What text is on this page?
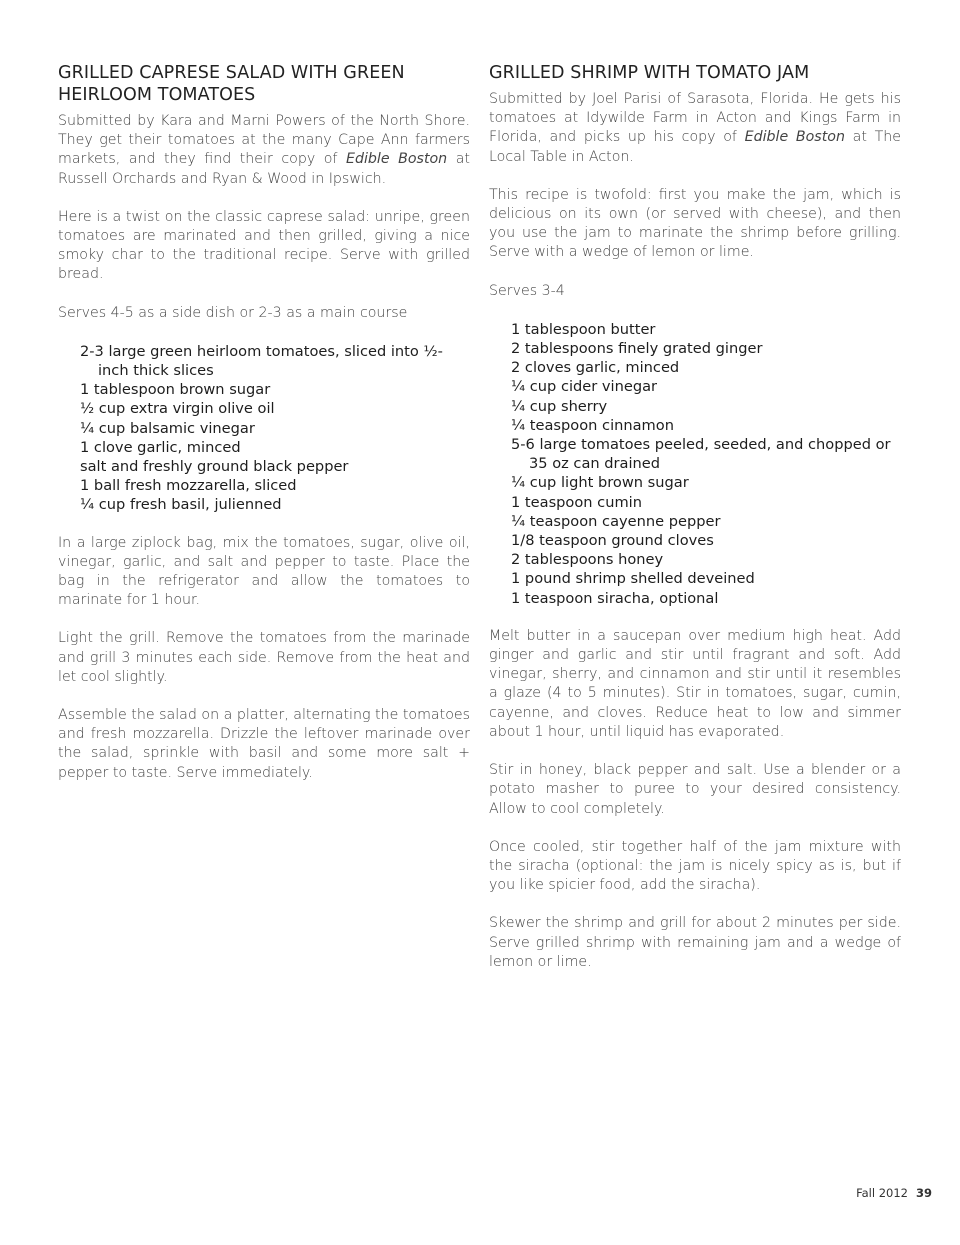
GRILLED CAPRESE SALAD WITH GREEN HEIRLOOM TOMATOES

Submitted by Kara and Marni Powers of the North Shore. They get their tomatoes at the many Cape Ann farmers markets, and they find their copy of Edible Boston at Russell Orchards and Ryan & Wood in Ipswich.

Here is a twist on the classic caprese salad: unripe, green tomatoes are marinated and then grilled, giving a nice smoky char to the traditional recipe. Serve with grilled bread.

Serves 4-5 as a side dish or 2-3 as a main course

2-3 large green heirloom tomatoes, sliced into ½-inch thick slices
1 tablespoon brown sugar
½ cup extra virgin olive oil
¼ cup balsamic vinegar
1 clove garlic, minced
salt and freshly ground black pepper
1 ball fresh mozzarella, sliced
¼ cup fresh basil, julienned

In a large ziplock bag, mix the tomatoes, sugar, olive oil, vinegar, garlic, and salt and pepper to taste. Place the bag in the refrigerator and allow the tomatoes to marinate for 1 hour.

Light the grill. Remove the tomatoes from the marinade and grill 3 minutes each side. Remove from the heat and let cool slightly.

Assemble the salad on a platter, alternating the tomatoes and fresh mozzarella. Drizzle the leftover marinade over the salad, sprinkle with basil and some more salt + pepper to taste. Serve immediately.

GRILLED SHRIMP WITH TOMATO JAM

Submitted by Joel Parisi of Sarasota, Florida. He gets his tomatoes at Idywilde Farm in Acton and Kings Farm in Florida, and picks up his copy of Edible Boston at The Local Table in Acton.

This recipe is twofold: first you make the jam, which is delicious on its own (or served with cheese), and then you use the jam to marinate the shrimp before grilling. Serve with a wedge of lemon or lime.

Serves 3-4

1 tablespoon butter
2 tablespoons finely grated ginger
2 cloves garlic, minced
¼ cup cider vinegar
¼ cup sherry
¼ teaspoon cinnamon
5-6 large tomatoes peeled, seeded, and chopped or 35 oz can drained
¼ cup light brown sugar
1 teaspoon cumin
¼ teaspoon cayenne pepper
1/8 teaspoon ground cloves
2 tablespoons honey
1 pound shrimp shelled deveined
1 teaspoon siracha, optional

Melt butter in a saucepan over medium high heat. Add ginger and garlic and stir until fragrant and soft. Add vinegar, sherry, and cinnamon and stir until it resembles a glaze (4 to 5 minutes). Stir in tomatoes, sugar, cumin, cayenne, and cloves. Reduce heat to low and simmer about 1 hour, until liquid has evaporated.

Stir in honey, black pepper and salt. Use a blender or a potato masher to puree to your desired consistency. Allow to cool completely.

Once cooled, stir together half of the jam mixture with the siracha (optional: the jam is nicely spicy as is, but if you like spicier food, add the siracha).

Skewer the shrimp and grill for about 2 minutes per side. Serve grilled shrimp with remaining jam and a wedge of lemon or lime.

Fall 2012 39
